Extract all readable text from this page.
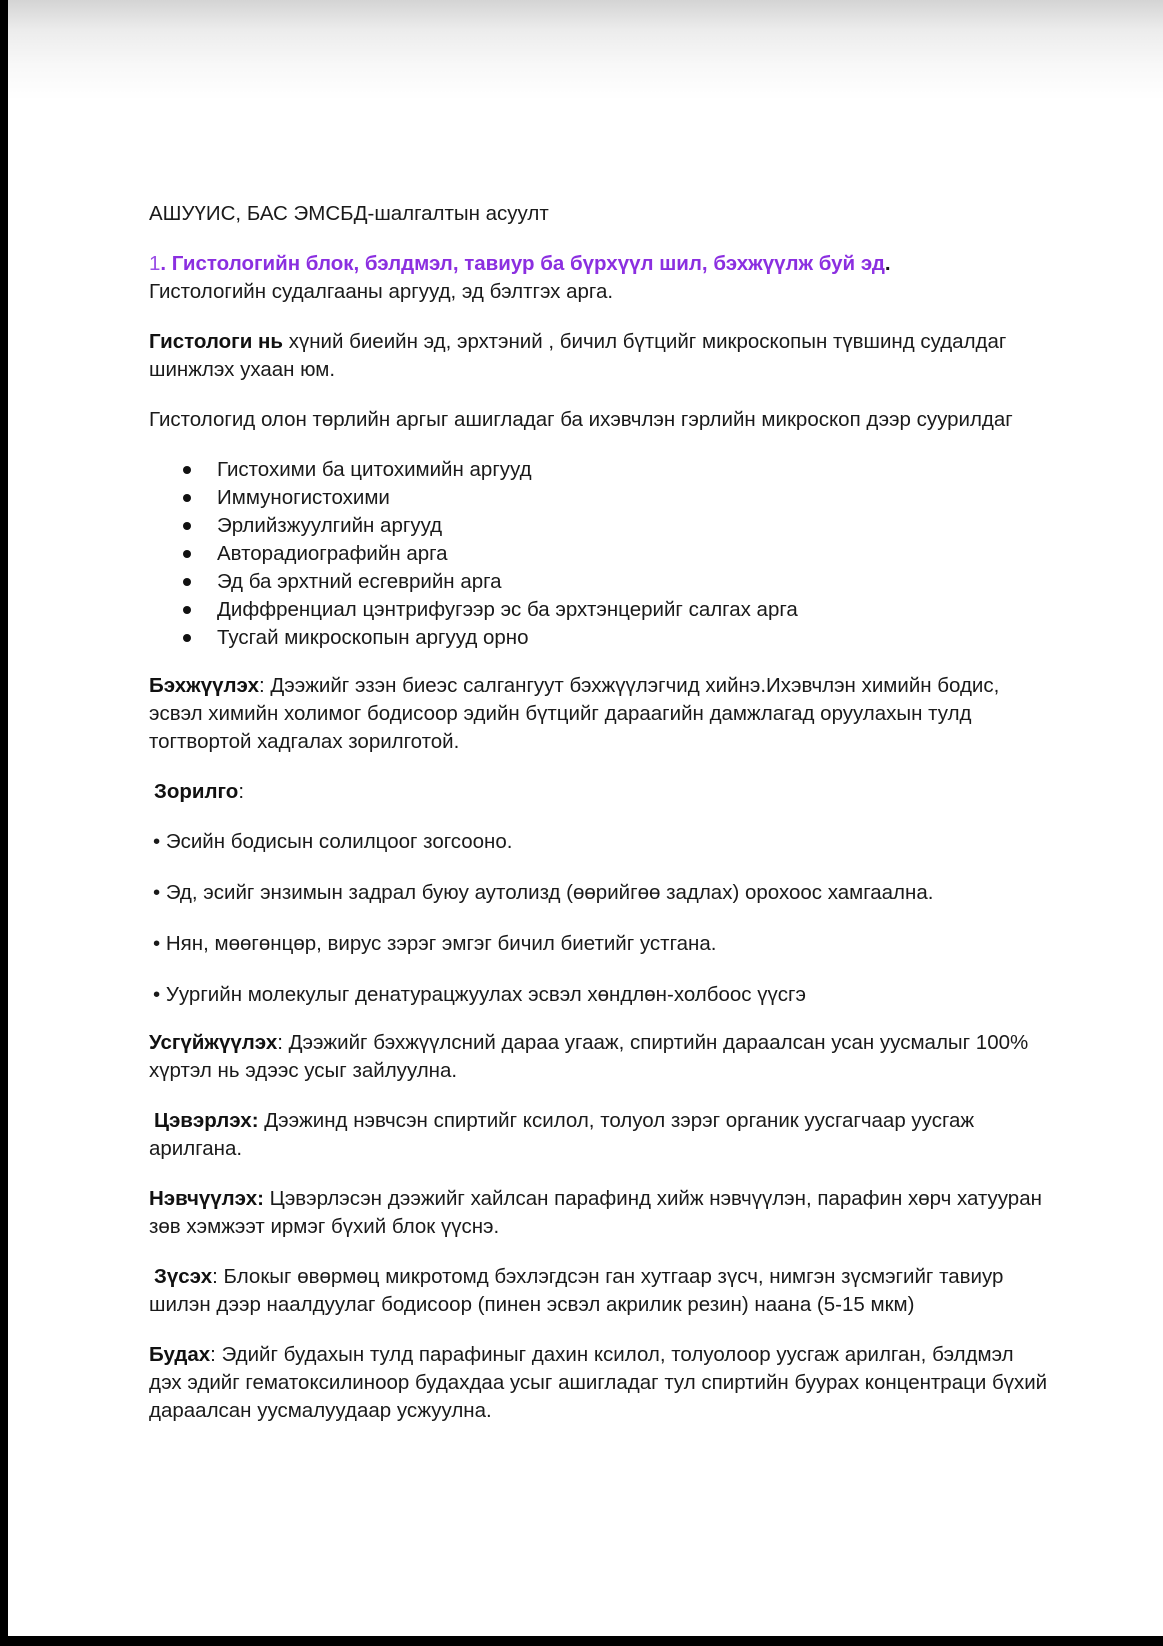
АШУҮИС, БАС ЭМСБД-шалгалтын асуулт

1. Гистологийн блок, бэлдмэл, тавиур ба бүрхүүл шил, бэхжүүлж буй эд.

Гистологийн судалгааны аргууд, эд бэлтгэх арга.

Гистологи нь хүний биеийн эд, эрхтэний , бичил бүтцийг микроскопын түвшинд судалдаг шинжлэх ухаан юм.

Гистологид олон төрлийн аргыг ашигладаг ба ихэвчлэн гэрлийн микроскоп дээр суурилдаг

Гистохими ба цитохимийн аргууд
Иммуногистохими
Эрлийзжуулгийн аргууд
Авторадиографийн арга
Эд ба эрхтний есгеврийн арга
Диффренциал цэнтрифугээр эс ба эрхтэнцерийг салгах арга
Тусгай микроскопын аргууд орно

Бэхжүүлэх: Дээжийг эзэн биеэс салгангуут бэхжүүлэгчид хийнэ.Ихэвчлэн химийн бодис, эсвэл химийн холимог бодисоор эдийн бүтцийг дараагийн дамжлагад оруулахын тулд тогтвортой хадгалах зорилготой.

Зорилго:

• Эсийн бодисын солилцоог зогсооно.

• Эд, эсийг энзимын задрал буюу аутолизд (өөрийгөө задлах) орохоос хамгаална.

• Нян, мөөгөнцөр, вирус зэрэг эмгэг бичил биетийг устгана.

• Уургийн молекулыг денатурацжуулах эсвэл хөндлөн-холбоос үүсгэ

Усгүйжүүлэх: Дээжийг бэхжүүлсний дараа угааж, спиртийн дараалсан усан уусмалыг 100% хүртэл нь эдээс усыг зайлуулна.

Цэвэрлэх: Дээжинд нэвчсэн спиртийг ксилол, толуол зэрэг органик уусгагчаар уусгаж арилгана.

Нэвчүүлэх: Цэвэрлэсэн дээжийг хайлсан парафинд хийж нэвчүүлэн, парафин хөрч хатууран зөв хэмжээт ирмэг бүхий блок үүснэ.

Зүсэх: Блокыг өвөрмөц микротомд бэхлэгдсэн ган хутгаар зүсч, нимгэн зүсмэгийг тавиур шилэн дээр наалдуулаг бодисоор (пинен эсвэл акрилик резин) наана (5-15 мкм)

Будах: Эдийг будахын тулд парафиныг дахин ксилол, толуолоор уусгаж арилган, бэлдмэл дэх эдийг гематоксилиноор будахдаа усыг ашигладаг тул спиртийн буурах концентраци бүхий дараалсан уусмалуудаар усжуулна.
